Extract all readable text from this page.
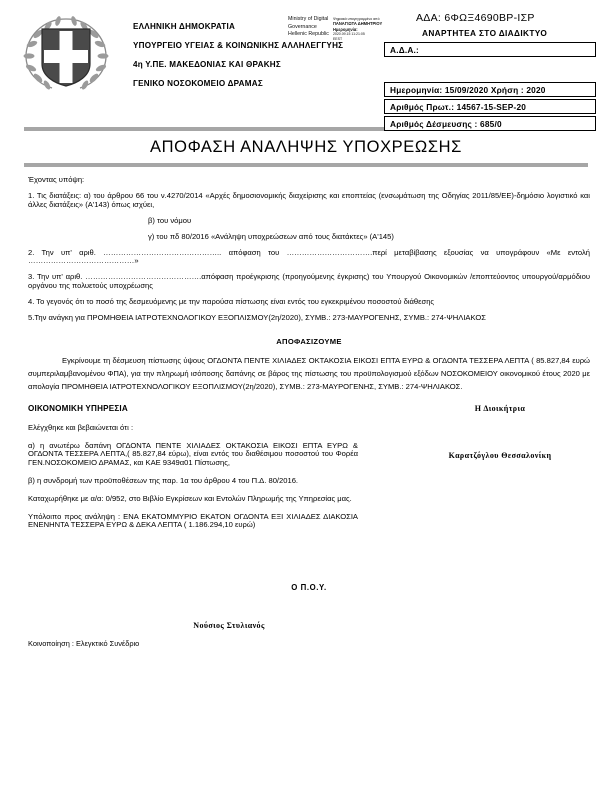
ΕΛΛΗΝΙΚΗ ΔΗΜΟΚΡΑΤΙΑ
ΥΠΟΥΡΓΕΙΟ ΥΓΕΙΑΣ & ΚΟΙΝΩΝΙΚΗΣ ΑΛΛΗΛΕΓΓΥΗΣ
4η Υ.ΠΕ. ΜΑΚΕΔΟΝΙΑΣ ΚΑΙ ΘΡΑΚΗΣ
ΓΕΝΙΚΟ ΝΟΣΟΚΟΜΕΙΟ ΔΡΑΜΑΣ
Ministry of Digital
Governance
Hellenic Republic
Ψηφιακά υπογεγραμμένο από
ΠΑΝΑΓΙΩΤΑ ΔΗΜΗΤΡΙΟΥ
Ημερομηνία:
2020.09.15 11:21:05
EEST
ΑΔΑ: 6ΦΩΞ4690ΒΡ-ΙΣΡ
ΑΝΑΡΤΗΤΕΑ ΣΤΟ ΔΙΑΔΙΚΤΥΟ
Α.Δ.Α.:
Ημερομηνία: 15/09/2020 Χρήση : 2020
Αριθμός Πρωτ.: 14567-15-SEP-20
Αριθμός Δέσμευσης : 685/0
ΑΠΟΦΑΣΗ ΑΝΑΛΗΨΗΣ ΥΠΟΧΡΕΩΣΗΣ
Έχοντας υπόψη:
1. Τις διατάξεις: α) του άρθρου 66 του ν.4270/2014 «Αρχές δημοσιονομικής διαχείρισης και εποπτείας (ενσωμάτωση της Οδηγίας 2011/85/ΕΕ)-δημόσιο λογιστικό και άλλες διατάξεις» (Α'143) όπως ισχύει,
β) του νόμου
γ) του πδ 80/2016 «Ανάληψη υποχρεώσεων από τους διατάκτες» (Α'145)
2. Την υπ' αριθ. ……………………………………….. απόφαση του …………………………….περί μεταβίβασης εξουσίας να υπογράφουν «Με εντολή ……………………………………»
3. Την υπ' αριθ. ……………………………………….απόφαση προέγκρισης (προηγούμενης έγκρισης) του Υπουργού Οικονομικών /εποπτεύοντος υπουργού/αρμόδιου οργάνου της πολυετούς υποχρέωσης
4. Το γεγονός ότι το ποσό της δεσμευόμενης με την παρούσα πίστωσης είναι εντός του εγκεκριμένου ποσοστού διάθεσης
5.Την ανάγκη για ΠΡΟΜΗΘΕΙΑ ΙΑΤΡΟΤΕΧΝΟΛΟΓΙΚΟΥ ΕΞΟΠΛΙΣΜΟΥ(2η/2020), ΣΥΜΒ.: 273-ΜΑΥΡΟΓΕΝΗΣ, ΣΥΜΒ.: 274-ΨΗΛΙΑΚΟΣ
ΑΠΟΦΑΣΙΖΟΥΜΕ
Εγκρίνουμε τη δέσμευση πίστωσης ύψους ΟΓΔΟΝΤΑ ΠΕΝΤΕ ΧΙΛΙΑΔΕΣ ΟΚΤΑΚΟΣΙΑ ΕΙΚΟΣΙ ΕΠΤΑ ΕΥΡΩ & ΟΓΔΟΝΤΑ ΤΕΣΣΕΡΑ ΛΕΠΤΑ ( 85.827,84 ευρώ συμπεριλαμβανομένου ΦΠΑ), για την πληρωμή ισόποσης δαπάνης σε βάρος της πίστωσης του προϋπολογισμού εξόδων ΝΟΣΟΚΟΜΕΙΟΥ οικονομικού έτους 2020 με απολογία ΠΡΟΜΗΘΕΙΑ ΙΑΤΡΟΤΕΧΝΟΛΟΓΙΚΟΥ ΕΞΟΠΛΙΣΜΟΥ(2η/2020), ΣΥΜΒ.: 273-ΜΑΥΡΟΓΕΝΗΣ, ΣΥΜΒ.: 274-ΨΗΛΙΑΚΟΣ.
ΟΙΚΟΝΟΜΙΚΗ ΥΠΗΡΕΣΙΑ
Ελέγχθηκε και βεβαιώνεται ότι :
α) η ανωτέρω δαπάνη ΟΓΔΟΝΤΑ ΠΕΝΤΕ ΧΙΛΙΑΔΕΣ ΟΚΤΑΚΟΣΙΑ ΕΙΚΟΣΙ ΕΠΤΑ ΕΥΡΩ & ΟΓΔΟΝΤΑ ΤΕΣΣΕΡΑ ΛΕΠΤΑ,( 85.827,84 εύρω), είναι εντός του διαθέσιμου ποσοστού του Φορέα ΓΕΝ.ΝΟΣΟΚΟΜΕΙΟ ΔΡΑΜΑΣ, και ΚΑΕ 9349α01 Πίστωσης,
β) η συνδρομή των προϋποθέσεων της παρ. 1α του άρθρου 4 του Π.Δ. 80/2016.
Καταχωρήθηκε με α/α: 0/952, στο Βιβλίο Εγκρίσεων και Εντολών Πληρωμής της Υπηρεσίας μας.
Υπόλοιπο προς ανάληψη : ΕΝΑ ΕΚΑΤΟΜΜΥΡΙΟ ΕΚΑΤΟΝ ΟΓΔΟΝΤΑ ΕΞΙ ΧΙΛΙΑΔΕΣ ΔΙΑΚΟΣΙΑ ΕΝΕΝΗΝΤΑ ΤΕΣΣΕΡΑ ΕΥΡΩ & ΔΕΚΑ ΛΕΠΤΑ ( 1.186.294,10 ευρώ)
Η Διοικήτρια
Καρατζόγλου Θεσσαλονίκη
Ο Π.Ο.Υ.
Νούσιος Στυλιανός
Κοινοποίηση : Ελεγκτικό Συνέδριο
